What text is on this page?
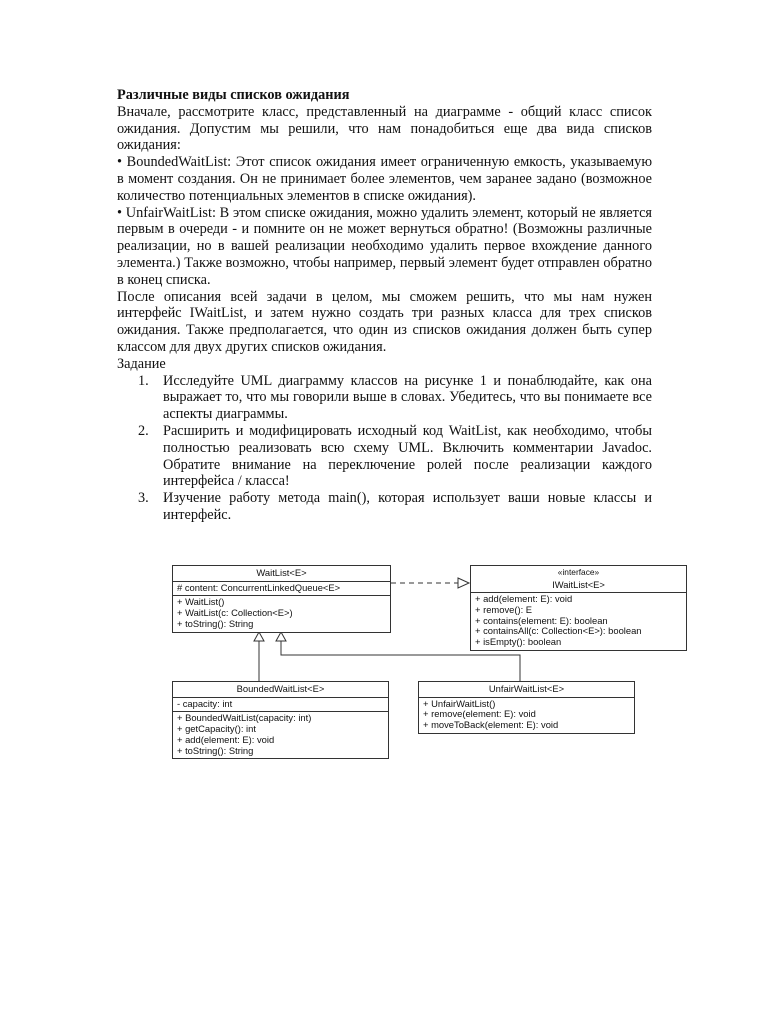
Различные виды списков ожидания

Вначале, рассмотрите класс, представленный на диаграмме - общий класс список ожидания. Допустим мы решили, что нам понадобиться еще два вида списков ожидания:

• BoundedWaitList: Этот список ожидания имеет ограниченную емкость, указываемую в момент создания. Он не принимает более элементов, чем заранее задано (возможное количество потенциальных элементов в списке ожидания).

• UnfairWaitList: В этом списке ожидания, можно удалить элемент, который не является первым в очереди - и помните он не может вернуться обратно! (Возможны различные реализации, но в вашей реализации необходимо удалить первое вхождение данного элемента.) Также возможно, чтобы например, первый элемент будет отправлен обратно в конец списка.

После описания всей задачи в целом, мы сможем решить, что мы нам нужен интерфейс IWaitList, и затем нужно создать три разных класса для трех списков ожидания. Также предполагается, что один из списков ожидания должен быть супер классом для двух других списков ожидания.

Задание

1. Исследуйте UML диаграмму классов на рисунке 1 и понаблюдайте, как она выражает то, что мы говорили выше в словах. Убедитесь, что вы понимаете все аспекты диаграммы.
2. Расширить и модифицировать исходный код WaitList, как необходимо, чтобы полностью реализовать всю схему UML. Включить комментарии Javadoc. Обратите внимание на переключение ролей после реализации каждого интерфейса / класса!
3. Изучение работу метода main(), которая использует ваши новые классы и интерфейс.
WaitList<E>
# content: ConcurrentLinkedQueue<E>
+ WaitList()
+ WaitList(c: Collection<E>)
+ toString(): String
«interface»
IWaitList<E>
+ add(element: E): void
+ remove(): E
+ contains(element: E): boolean
+ containsAll(c: Collection<E>): boolean
+ isEmpty(): boolean
BoundedWaitList<E>
- capacity: int
+ BoundedWaitList(capacity: int)
+ getCapacity(): int
+ add(element: E): void
+ toString(): String
UnfairWaitList<E>
+ UnfairWaitList()
+ remove(element: E): void
+ moveToBack(element: E): void
